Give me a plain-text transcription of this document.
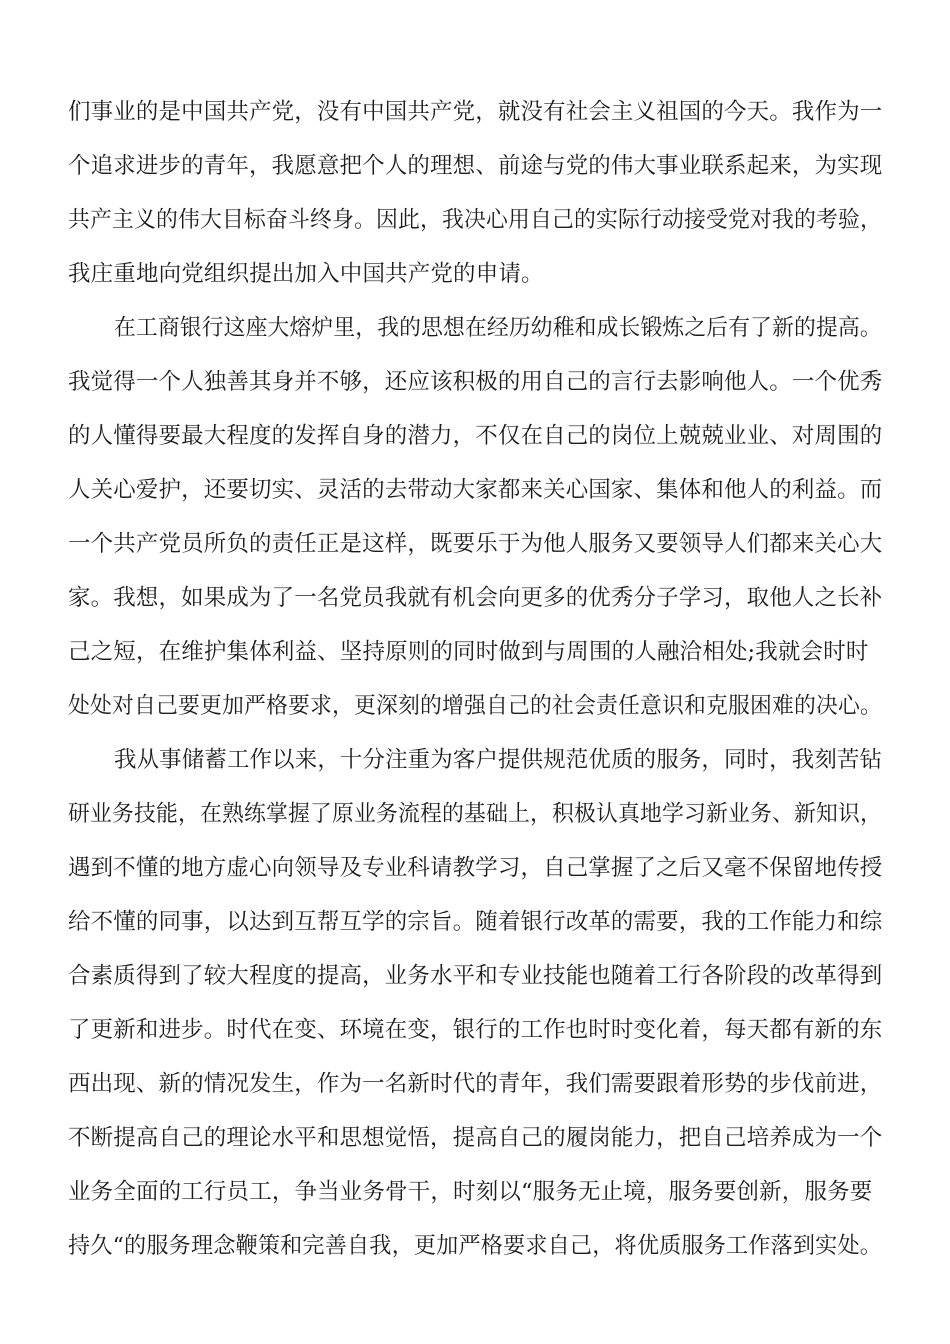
们事业的是中国共产党，没有中国共产党，就没有社会主义祖国的今天。我作为一
个追求进步的青年，我愿意把个人的理想、前途与党的伟大事业联系起来，为实现
共产主义的伟大目标奋斗终身。因此，我决心用自己的实际行动接受党对我的考验，
我庄重地向党组织提出加入中国共产党的申请。
在工商银行这座大熔炉里，我的思想在经历幼稚和成长锻炼之后有了新的提高。
我觉得一个人独善其身并不够，还应该积极的用自己的言行去影响他人。一个优秀
的人懂得要最大程度的发挥自身的潜力，不仅在自己的岗位上兢兢业业、对周围的
人关心爱护，还要切实、灵活的去带动大家都来关心国家、集体和他人的利益。而
一个共产党员所负的责任正是这样，既要乐于为他人服务又要领导人们都来关心大
家。我想，如果成为了一名党员我就有机会向更多的优秀分子学习，取他人之长补
己之短，在维护集体利益、坚持原则的同时做到与周围的人融洽相处;我就会时时
处处对自己要更加严格要求，更深刻的增强自己的社会责任意识和克服困难的决心。
我从事储蓄工作以来，十分注重为客户提供规范优质的服务，同时，我刻苦钻
研业务技能，在熟练掌握了原业务流程的基础上，积极认真地学习新业务、新知识，
遇到不懂的地方虚心向领导及专业科请教学习，自己掌握了之后又毫不保留地传授
给不懂的同事，以达到互帮互学的宗旨。随着银行改革的需要，我的工作能力和综
合素质得到了较大程度的提高，业务水平和专业技能也随着工行各阶段的改革得到
了更新和进步。时代在变、环境在变，银行的工作也时时变化着，每天都有新的东
西出现、新的情况发生，作为一名新时代的青年，我们需要跟着形势的步伐前进，
不断提高自己的理论水平和思想觉悟，提高自己的履岗能力，把自己培养成为一个
业务全面的工行员工，争当业务骨干，时刻以“服务无止境，服务要创新，服务要
持久“的服务理念鞭策和完善自我，更加严格要求自己，将优质服务工作落到实处。
